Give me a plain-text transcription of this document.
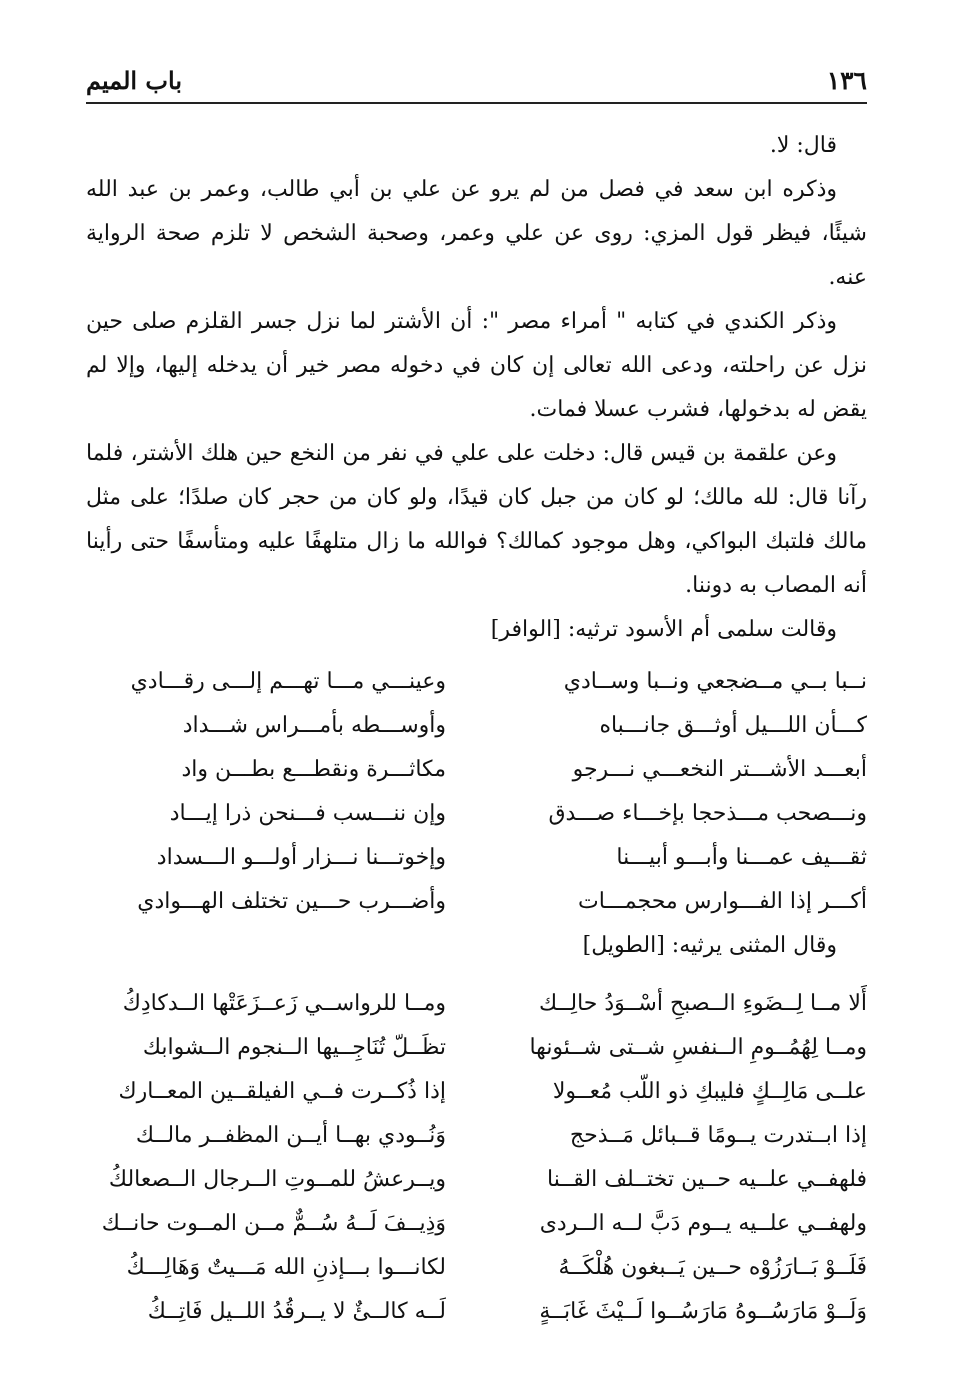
١٣٦
باب الميم

قال: لا.

وذكره ابن سعد في فصل من لم يرو عن علي بن أبي طالب، وعمر بن عبد الله شيئًا، فيظر قول المزي: روى عن علي وعمر، وصحبة الشخص لا تلزم صحة الرواية عنه.

وذكر الكندي في كتابه " أمراء مصر ": أن الأشتر لما نزل جسر القلزم صلى حين نزل عن راحلته، ودعى الله تعالى إن كان في دخوله مصر خير أن يدخله إليها، وإلا لم يقض له بدخولها، فشرب عسلا فمات.

وعن علقمة بن قيس قال: دخلت على علي في نفر من النخع حين هلك الأشتر، فلما رآنا قال: لله مالك؛ لو كان من جبل كان قيدًا، ولو كان من حجر كان صلدًا؛ على مثل مالك فلتبك البواكي، وهل موجود كمالك؟ فوالله ما زال متلهفًا عليه ومتأسفًا حتى رأينا أنه المصاب به دوننا.

وقالت سلمى أم الأسود ترثيه: [الوافر]

نــبا بــي مــضجعي ونــبا وســادي
وعينـــي مـــا تهـــم إلـــى رقـــادي
كـــأن اللـــيل أوثـــق جانـــباه
وأوســـطه بأمـــراس شـــداد
أبعـــد الأشـــتر النخعـــي نـــرجو
مكاثـــرة ونقطـــع بطـــن واد
ونـــصحب مـــذحجا بإخـــاء صـــدق
وإن ننـــسب فـــنحن ذرا إيـــاد
ثقـــيف عمـــنا وأبـــو أبيـــنا
وإخوتـــنا نـــزار أولـــو الـــسداد
أكـــر إذا الفـــوارس محجمـــات
وأضـــرب حـــين تختلف الهـــوادي

وقال المثنى يرثيه: [الطويل]

أَلا مــا لِــضَوءِ الــصبحِ أسْــوَدُ حالِــك
ومــا للرواســي زَعــزَعَتْها الــدكادِكُ
ومــا لِهُمُــومِ الــنفسِ شــتى شــئونها
تظَــلّ تُنَاجِــيها الــنجوم الــشوابك
علــى مَالِــكٍ فليبكِ ذو اللّب مُعــولا
إذا ذُكــرت فــي الفيلقــين المعــارك
إذا ابــتدرت يــومًا قــبائل مَــذحج
وَنُــودي بهــا أيــن المظفــر مالــك
فلهفــي علــيه حــين تختــلف القــنا
ويــرعشُ للمــوتِ الــرجال الــصعالكُ
ولهفــي علــيه يــوم دَبَّ لــه الــردى
وَذِيــفَ لَــهُ سُــمٌّ مــن المــوت حانــك
فَلَــوْ بَــارَزُوْه حــين يَــبغون هُلْكَــهُ
لكانـــوا بـــإذنِ الله مَـــيتٌ وَهَالِـــكُ
وَلَــوْ مَارَسُــوهُ مَارَسُــوا لَــيْثَ غَابَــةٍ
لَــه كالــئٌ لا يــرقُدُ اللــيل فَاتِــكُ
